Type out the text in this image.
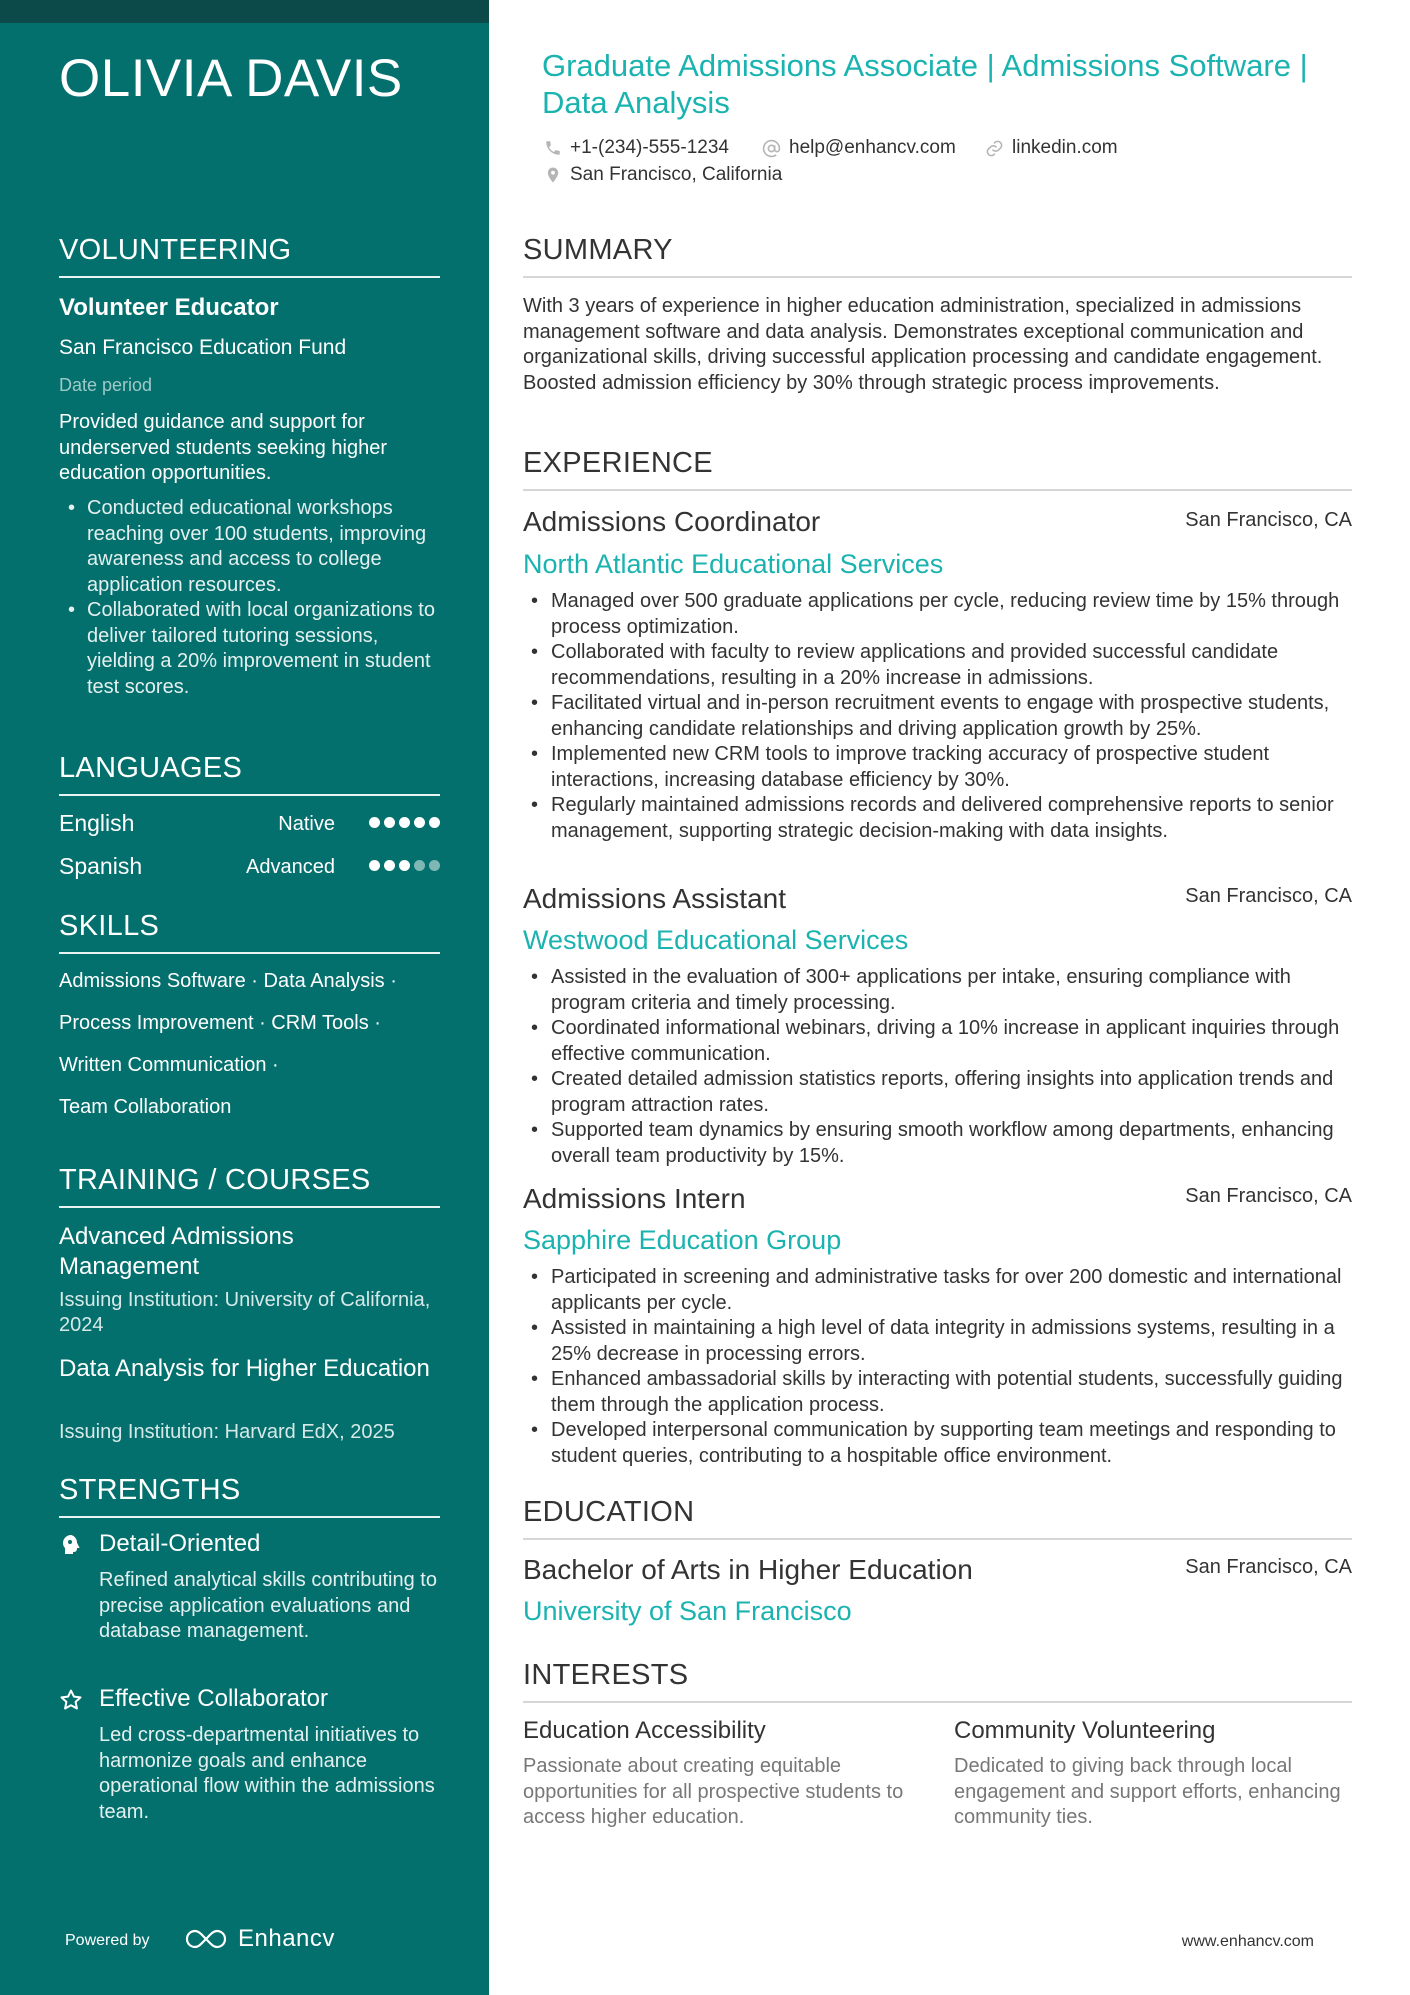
OLIVIA DAVIS
VOLUNTEERING
Volunteer Educator
San Francisco Education Fund
Date period
Provided guidance and support for underserved students seeking higher education opportunities.
• Conducted educational workshops reaching over 100 students, improving awareness and access to college application resources.
• Collaborated with local organizations to deliver tailored tutoring sessions, yielding a 20% improvement in student test scores.
LANGUAGES
English	Native
Spanish	Advanced
SKILLS
Admissions Software · Data Analysis ·
Process Improvement · CRM Tools ·
Written Communication ·
Team Collaboration
TRAINING / COURSES
Advanced Admissions Management
Issuing Institution: University of California, 2024
Data Analysis for Higher Education
Issuing Institution: Harvard EdX, 2025
STRENGTHS
Detail-Oriented
Refined analytical skills contributing to precise application evaluations and database management.
Effective Collaborator
Led cross-departmental initiatives to harmonize goals and enhance operational flow within the admissions team.
Powered by	Enhancv
Graduate Admissions Associate | Admissions Software | Data Analysis
+1-(234)-555-1234	help@enhancv.com	linkedin.com
San Francisco, California
SUMMARY
With 3 years of experience in higher education administration, specialized in admissions management software and data analysis. Demonstrates exceptional communication and organizational skills, driving successful application processing and candidate engagement. Boosted admission efficiency by 30% through strategic process improvements.
EXPERIENCE
Admissions Coordinator	San Francisco, CA
North Atlantic Educational Services
• Managed over 500 graduate applications per cycle, reducing review time by 15% through process optimization.
• Collaborated with faculty to review applications and provided successful candidate recommendations, resulting in a 20% increase in admissions.
• Facilitated virtual and in-person recruitment events to engage with prospective students, enhancing candidate relationships and driving application growth by 25%.
• Implemented new CRM tools to improve tracking accuracy of prospective student interactions, increasing database efficiency by 30%.
• Regularly maintained admissions records and delivered comprehensive reports to senior management, supporting strategic decision-making with data insights.
Admissions Assistant	San Francisco, CA
Westwood Educational Services
• Assisted in the evaluation of 300+ applications per intake, ensuring compliance with program criteria and timely processing.
• Coordinated informational webinars, driving a 10% increase in applicant inquiries through effective communication.
• Created detailed admission statistics reports, offering insights into application trends and program attraction rates.
• Supported team dynamics by ensuring smooth workflow among departments, enhancing overall team productivity by 15%.
Admissions Intern	San Francisco, CA
Sapphire Education Group
• Participated in screening and administrative tasks for over 200 domestic and international applicants per cycle.
• Assisted in maintaining a high level of data integrity in admissions systems, resulting in a 25% decrease in processing errors.
• Enhanced ambassadorial skills by interacting with potential students, successfully guiding them through the application process.
• Developed interpersonal communication by supporting team meetings and responding to student queries, contributing to a hospitable office environment.
EDUCATION
Bachelor of Arts in Higher Education	San Francisco, CA
University of San Francisco
INTERESTS
Education Accessibility
Passionate about creating equitable opportunities for all prospective students to access higher education.
Community Volunteering
Dedicated to giving back through local engagement and support efforts, enhancing community ties.
www.enhancv.com
